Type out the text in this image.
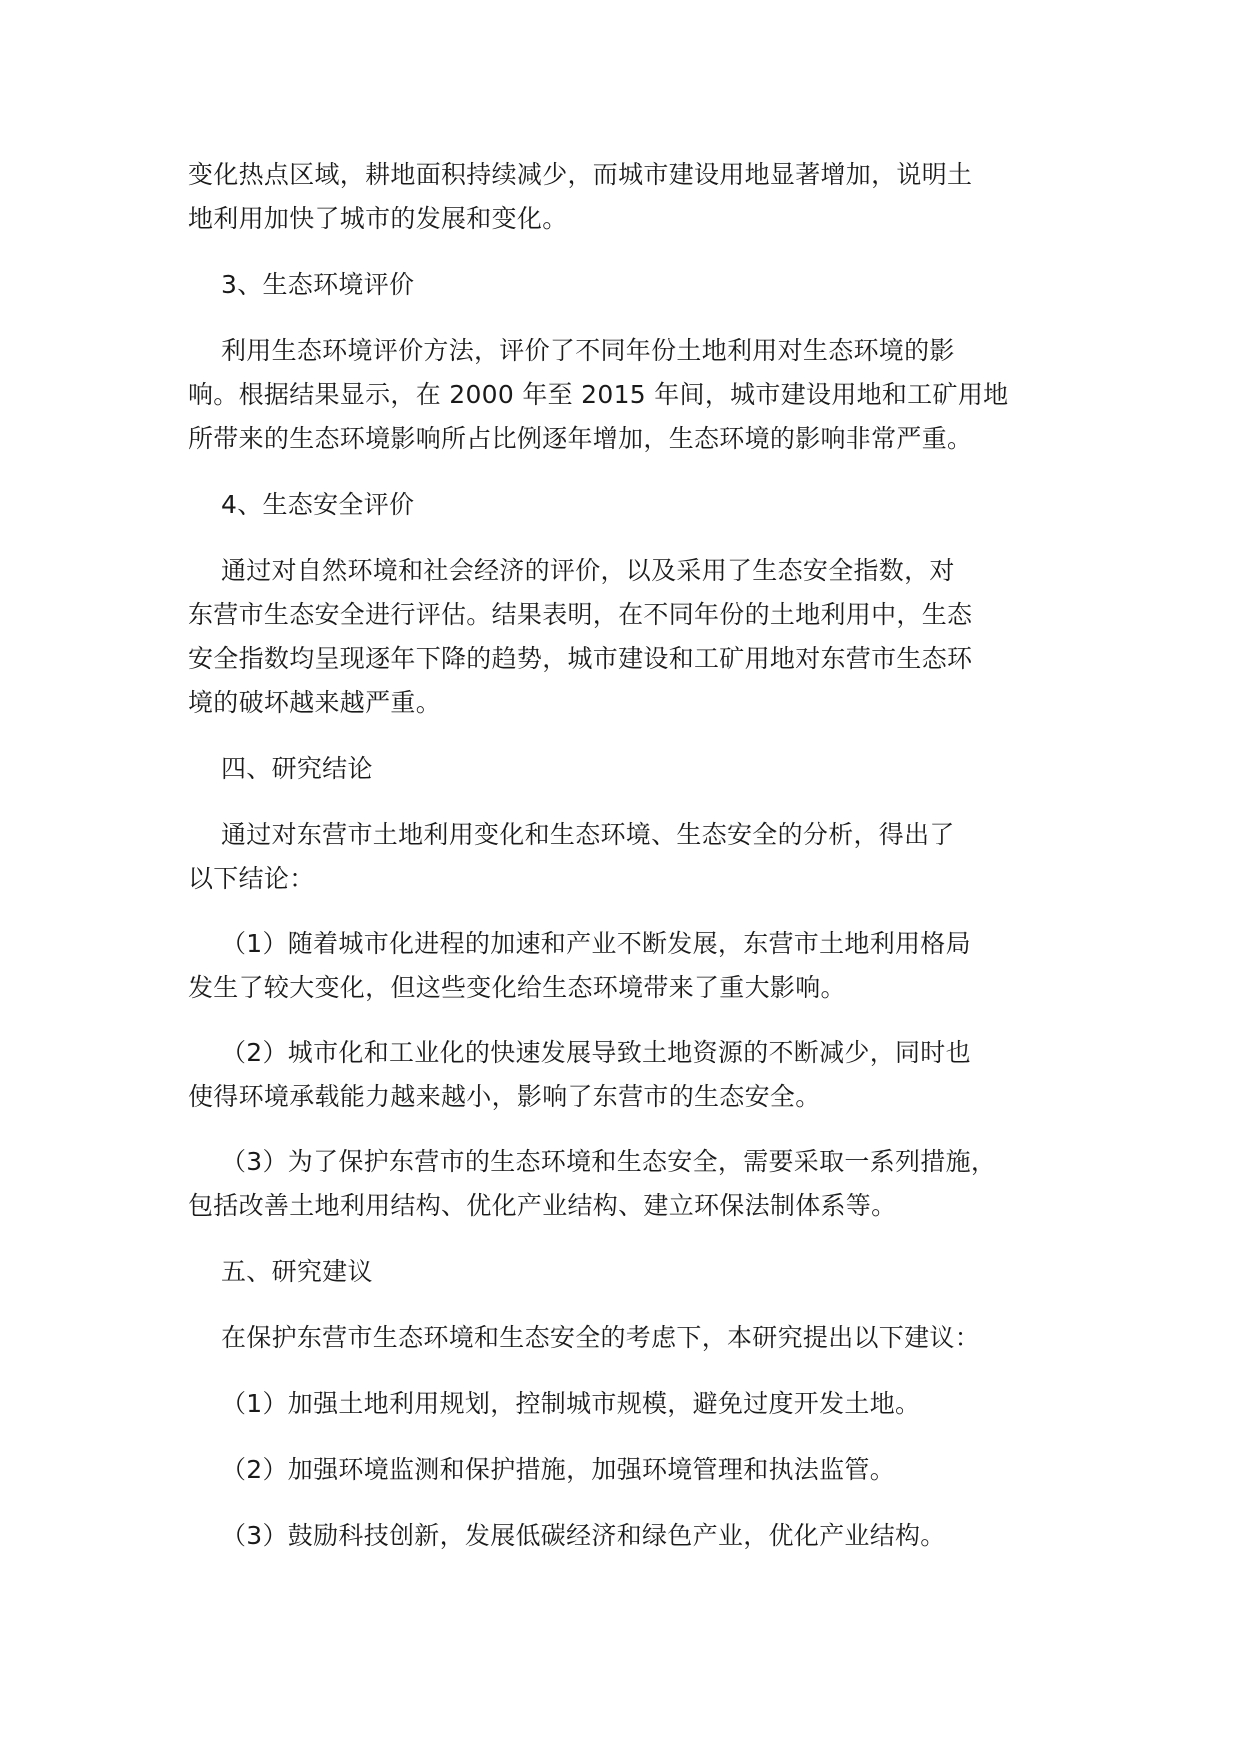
变化热点区域，耕地面积持续减少，而城市建设用地显著增加，说明土
地利用加快了城市的发展和变化。
3、生态环境评价
利用生态环境评价方法，评价了不同年份土地利用对生态环境的影
响。根据结果显示，在 2000 年至 2015 年间，城市建设用地和工矿用地
所带来的生态环境影响所占比例逐年增加，生态环境的影响非常严重。
4、生态安全评价
通过对自然环境和社会经济的评价，以及采用了生态安全指数，对
东营市生态安全进行评估。结果表明，在不同年份的土地利用中，生态
安全指数均呈现逐年下降的趋势，城市建设和工矿用地对东营市生态环
境的破坏越来越严重。
四、研究结论
通过对东营市土地利用变化和生态环境、生态安全的分析，得出了
以下结论：
（1）随着城市化进程的加速和产业不断发展，东营市土地利用格局
发生了较大变化，但这些变化给生态环境带来了重大影响。
（2）城市化和工业化的快速发展导致土地资源的不断减少，同时也
使得环境承载能力越来越小，影响了东营市的生态安全。
（3）为了保护东营市的生态环境和生态安全，需要采取一系列措施，
包括改善土地利用结构、优化产业结构、建立环保法制体系等。
五、研究建议
在保护东营市生态环境和生态安全的考虑下，本研究提出以下建议：
（1）加强土地利用规划，控制城市规模，避免过度开发土地。
（2）加强环境监测和保护措施，加强环境管理和执法监管。
（3）鼓励科技创新，发展低碳经济和绿色产业，优化产业结构。
